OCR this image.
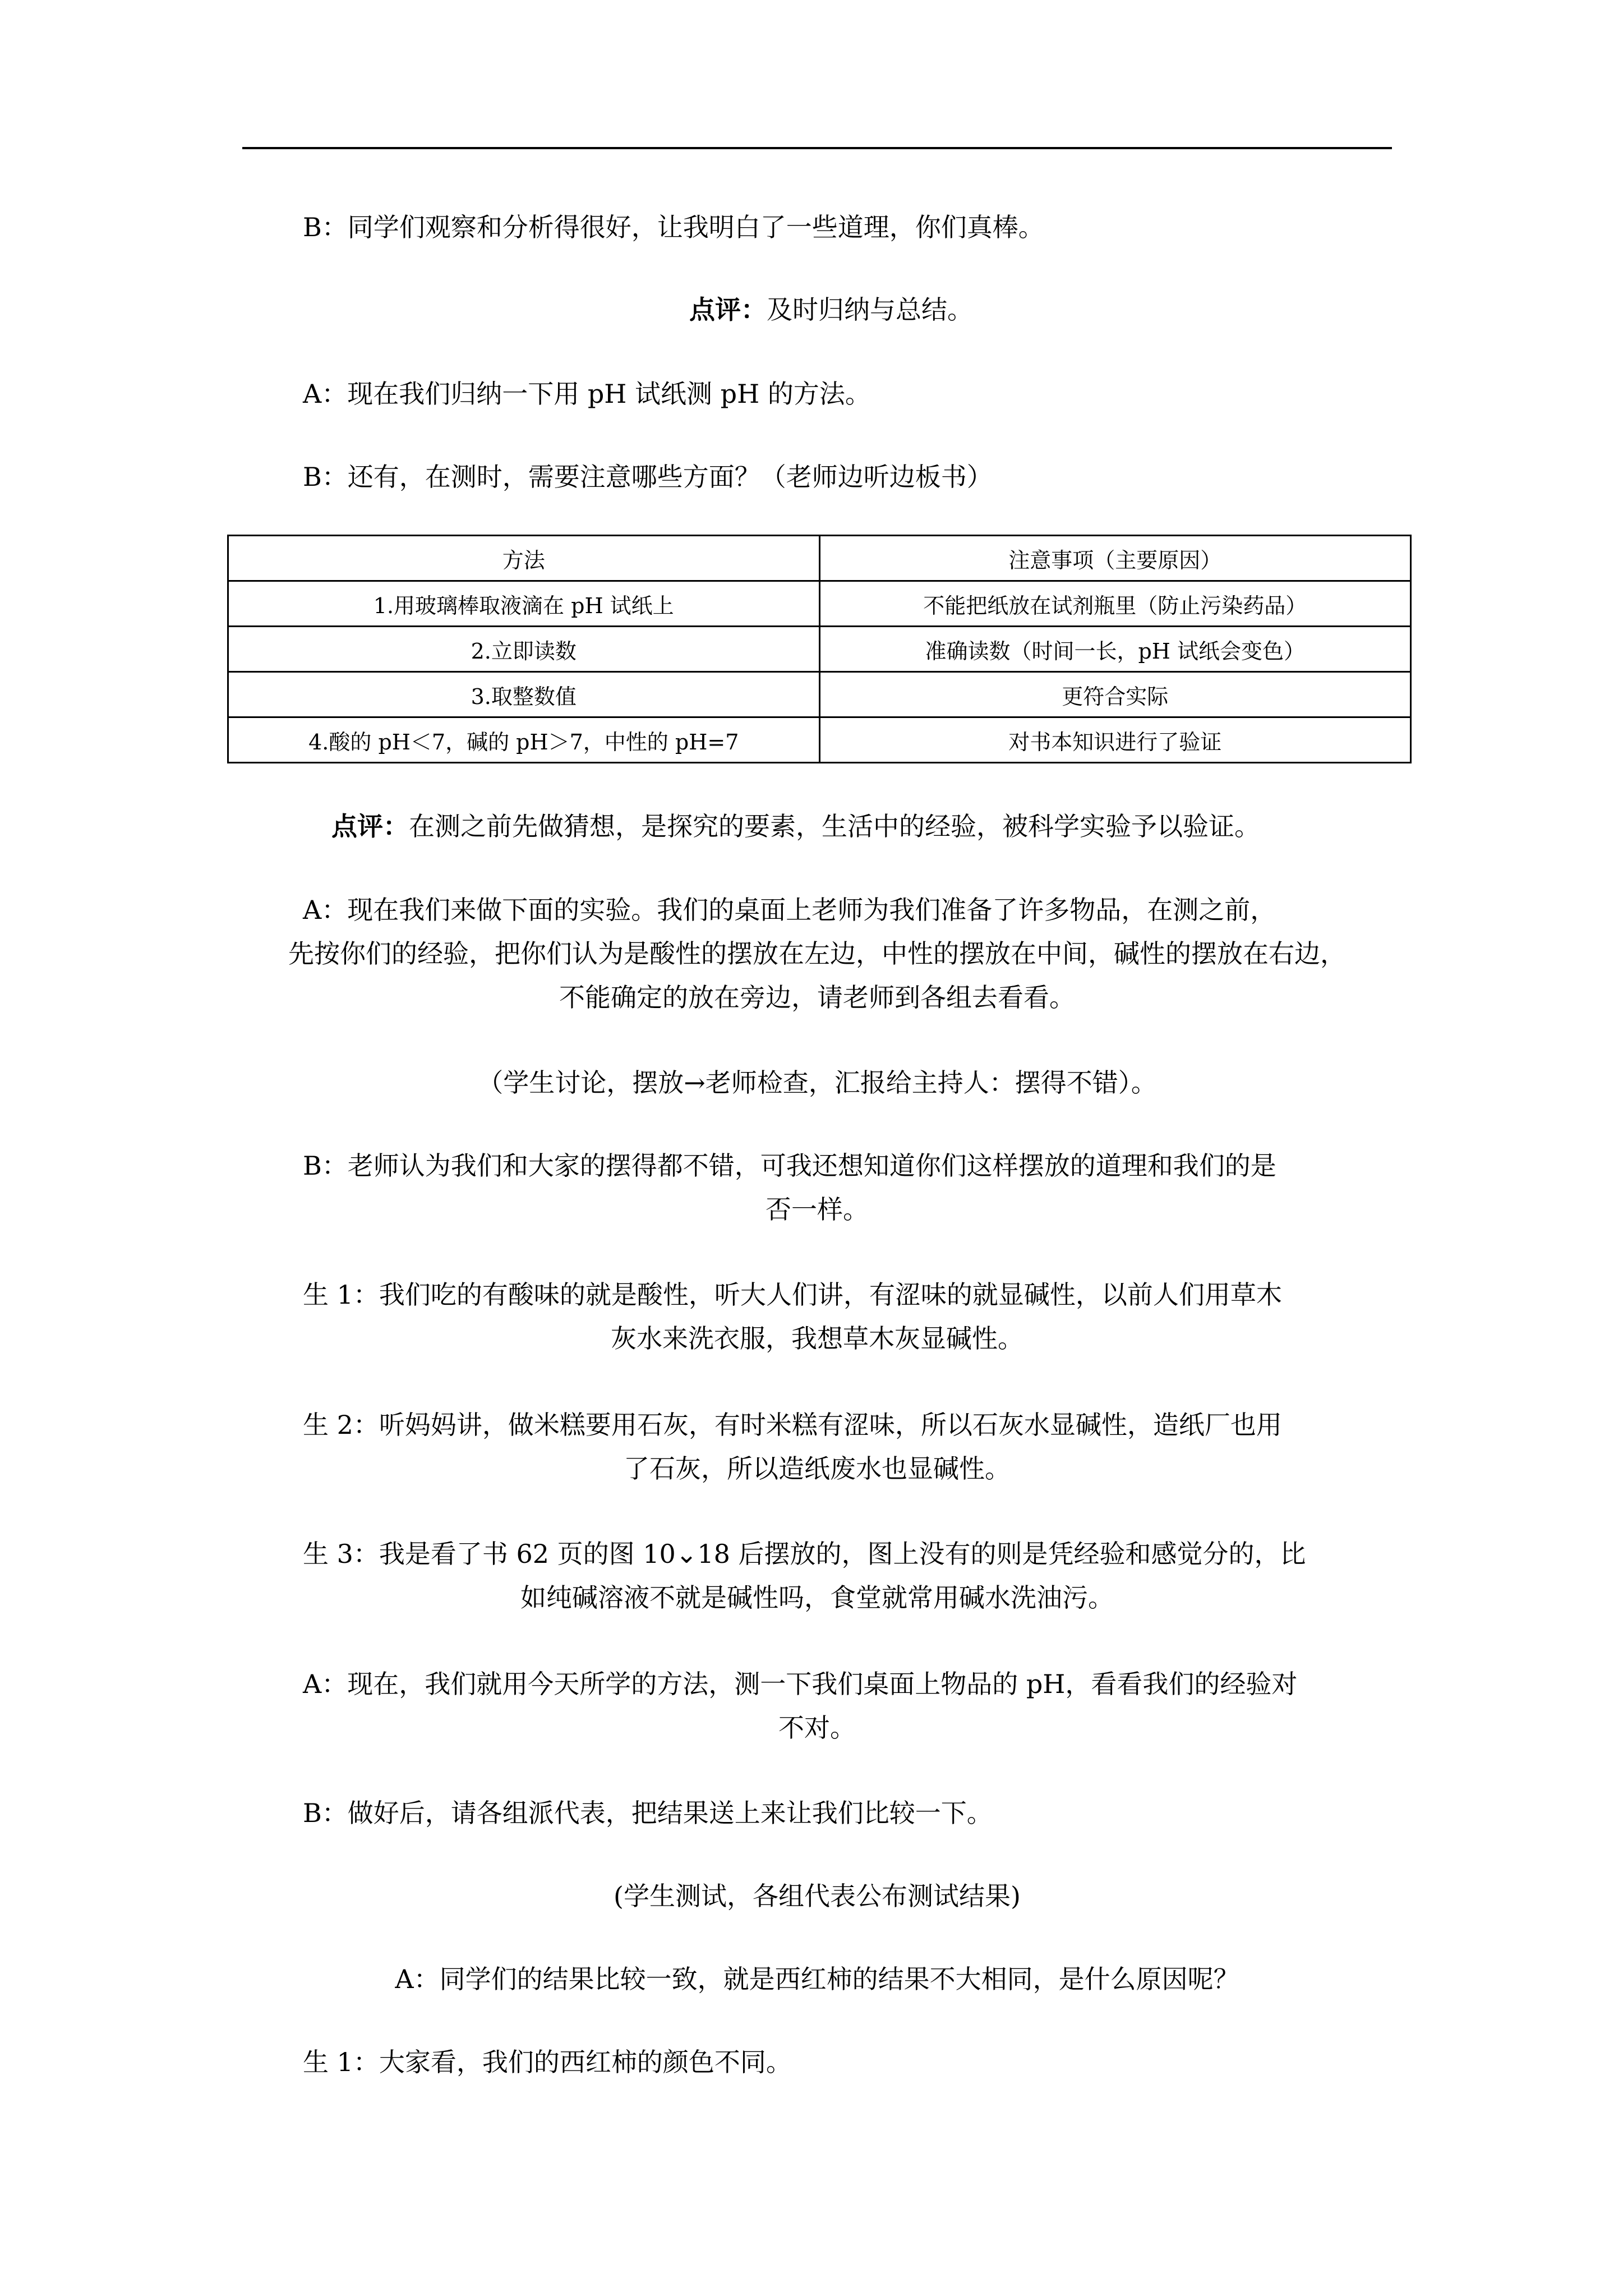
B：同学们观察和分析得很好，让我明白了一些道理，你们真棒。
点评：及时归纳与总结。
A：现在我们归纳一下用 pH 试纸测 pH 的方法。
B：还有，在测时，需要注意哪些方面？（老师边听边板书）
方法	注意事项（主要原因）
1.用玻璃棒取液滴在 pH 试纸上	不能把纸放在试剂瓶里（防止污染药品）
2.立即读数	准确读数（时间一长，pH 试纸会变色）
3.取整数值	更符合实际
4.酸的 pH＜7，碱的 pH＞7，中性的 pH=7	对书本知识进行了验证
点评：在测之前先做猜想，是探究的要素，生活中的经验，被科学实验予以验证。
A：现在我们来做下面的实验。我们的桌面上老师为我们准备了许多物品，在测之前，
先按你们的经验，把你们认为是酸性的摆放在左边，中性的摆放在中间，碱性的摆放在右边，
不能确定的放在旁边，请老师到各组去看看。
（学生讨论，摆放→老师检查，汇报给主持人：摆得不错）。
B：老师认为我们和大家的摆得都不错，可我还想知道你们这样摆放的道理和我们的是
否一样。
生 1：我们吃的有酸味的就是酸性，听大人们讲，有涩味的就显碱性，以前人们用草木
灰水来洗衣服，我想草木灰显碱性。
生 2：听妈妈讲，做米糕要用石灰，有时米糕有涩味，所以石灰水显碱性，造纸厂也用
了石灰，所以造纸废水也显碱性。
生 3：我是看了书 62 页的图 10⌄18 后摆放的，图上没有的则是凭经验和感觉分的，比
如纯碱溶液不就是碱性吗，食堂就常用碱水洗油污。
A：现在，我们就用今天所学的方法，测一下我们桌面上物品的 pH，看看我们的经验对
不对。
B：做好后，请各组派代表，把结果送上来让我们比较一下。
(学生测试，各组代表公布测试结果)
A：同学们的结果比较一致，就是西红柿的结果不大相同，是什么原因呢？
生 1：大家看，我们的西红柿的颜色不同。
